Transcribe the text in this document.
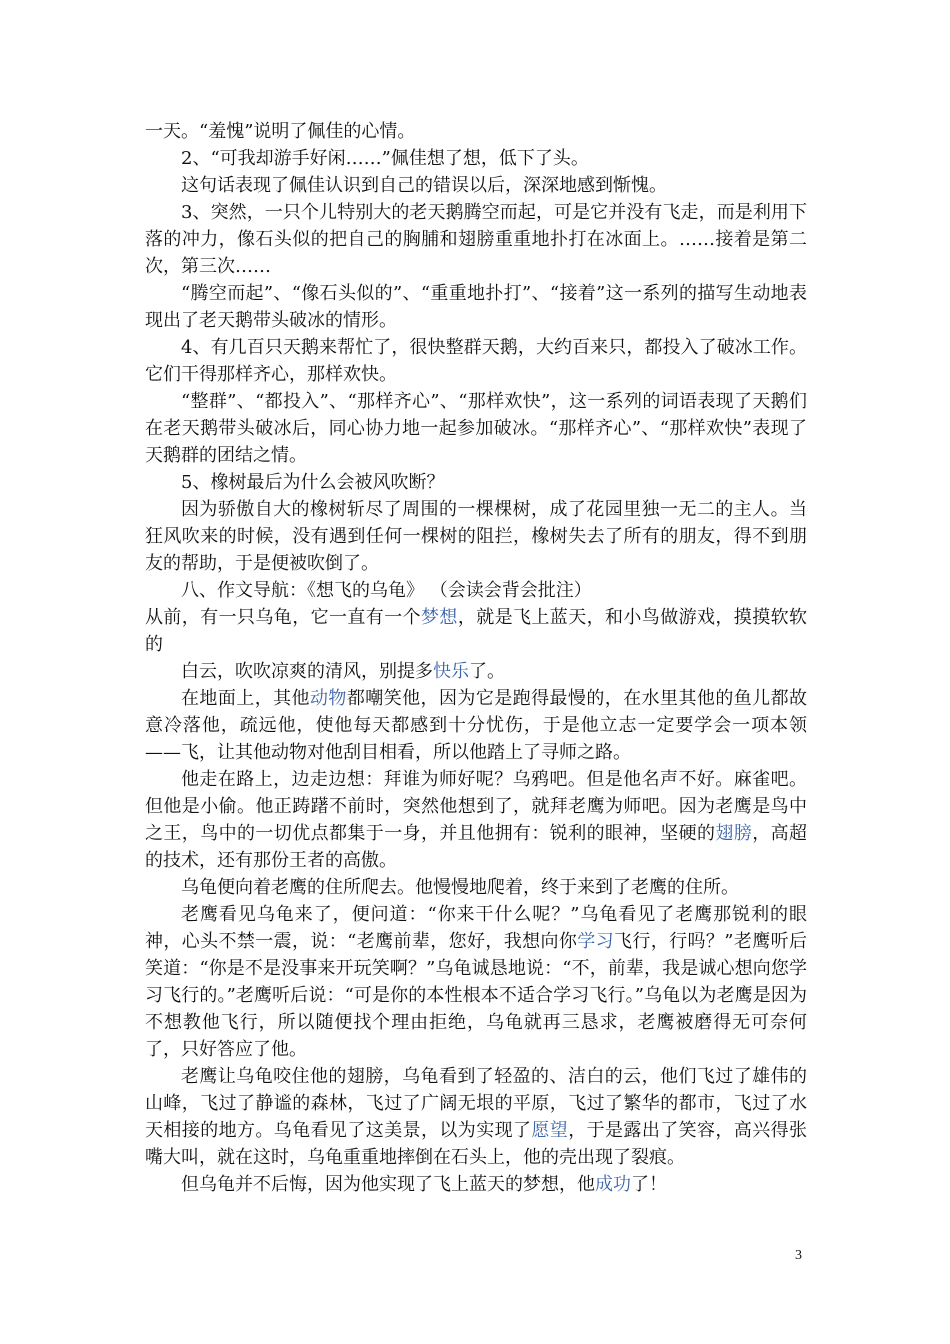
一天。“羞愧”说明了佩佳的心情。

2、“可我却游手好闲……”佩佳想了想，低下了头。

这句话表现了佩佳认识到自己的错误以后，深深地感到惭愧。

3、突然，一只个儿特别大的老天鹅腾空而起，可是它并没有飞走，而是利用下落的冲力，像石头似的把自己的胸脯和翅膀重重地扑打在冰面上。……接着是第二次，第三次……

“腾空而起”、“像石头似的”、“重重地扑打”、“接着”这一系列的描写生动地表现出了老天鹅带头破冰的情形。

4、有几百只天鹅来帮忙了，很快整群天鹅，大约百来只，都投入了破冰工作。它们干得那样齐心，那样欢快。

“整群”、“都投入”、“那样齐心”、“那样欢快”，这一系列的词语表现了天鹅们在老天鹅带头破冰后，同心协力地一起参加破冰。“那样齐心”、“那样欢快”表现了天鹅群的团结之情。

5、橡树最后为什么会被风吹断？

因为骄傲自大的橡树斩尽了周围的一棵棵树，成了花园里独一无二的主人。当狂风吹来的时候，没有遇到任何一棵树的阻拦，橡树失去了所有的朋友，得不到朋友的帮助，于是便被吹倒了。

八、作文导航：《想飞的乌龟》 （会读会背会批注）

从前，有一只乌龟，它一直有一个梦想，就是飞上蓝天，和小鸟做游戏，摸摸软软的

白云，吹吹凉爽的清风，别提多快乐了。

在地面上，其他动物都嘲笑他，因为它是跑得最慢的，在水里其他的鱼儿都故意冷落他，疏远他，使他每天都感到十分忧伤，于是他立志一定要学会一项本领——飞，让其他动物对他刮目相看，所以他踏上了寻师之路。

他走在路上，边走边想：拜谁为师好呢？乌鸦吧。但是他名声不好。麻雀吧。但他是小偷。他正踌躇不前时，突然他想到了，就拜老鹰为师吧。因为老鹰是鸟中之王，鸟中的一切优点都集于一身，并且他拥有：锐利的眼神，坚硬的翅膀，高超的技术，还有那份王者的高傲。

乌龟便向着老鹰的住所爬去。他慢慢地爬着，终于来到了老鹰的住所。

老鹰看见乌龟来了，便问道：“你来干什么呢？”乌龟看见了老鹰那锐利的眼神，心头不禁一震，说：“老鹰前辈，您好，我想向你学习飞行，行吗？”老鹰听后笑道：“你是不是没事来开玩笑啊？”乌龟诚恳地说：“不，前辈，我是诚心想向您学习飞行的。”老鹰听后说：“可是你的本性根本不适合学习飞行。”乌龟以为老鹰是因为不想教他飞行，所以随便找个理由拒绝，乌龟就再三恳求，老鹰被磨得无可奈何了，只好答应了他。

老鹰让乌龟咬住他的翅膀，乌龟看到了轻盈的、洁白的云，他们飞过了雄伟的山峰，飞过了静谧的森林，飞过了广阔无垠的平原，飞过了繁华的都市，飞过了水天相接的地方。乌龟看见了这美景，以为实现了愿望，于是露出了笑容，高兴得张嘴大叫，就在这时，乌龟重重地摔倒在石头上，他的壳出现了裂痕。

但乌龟并不后悔，因为他实现了飞上蓝天的梦想，他成功了！

3
